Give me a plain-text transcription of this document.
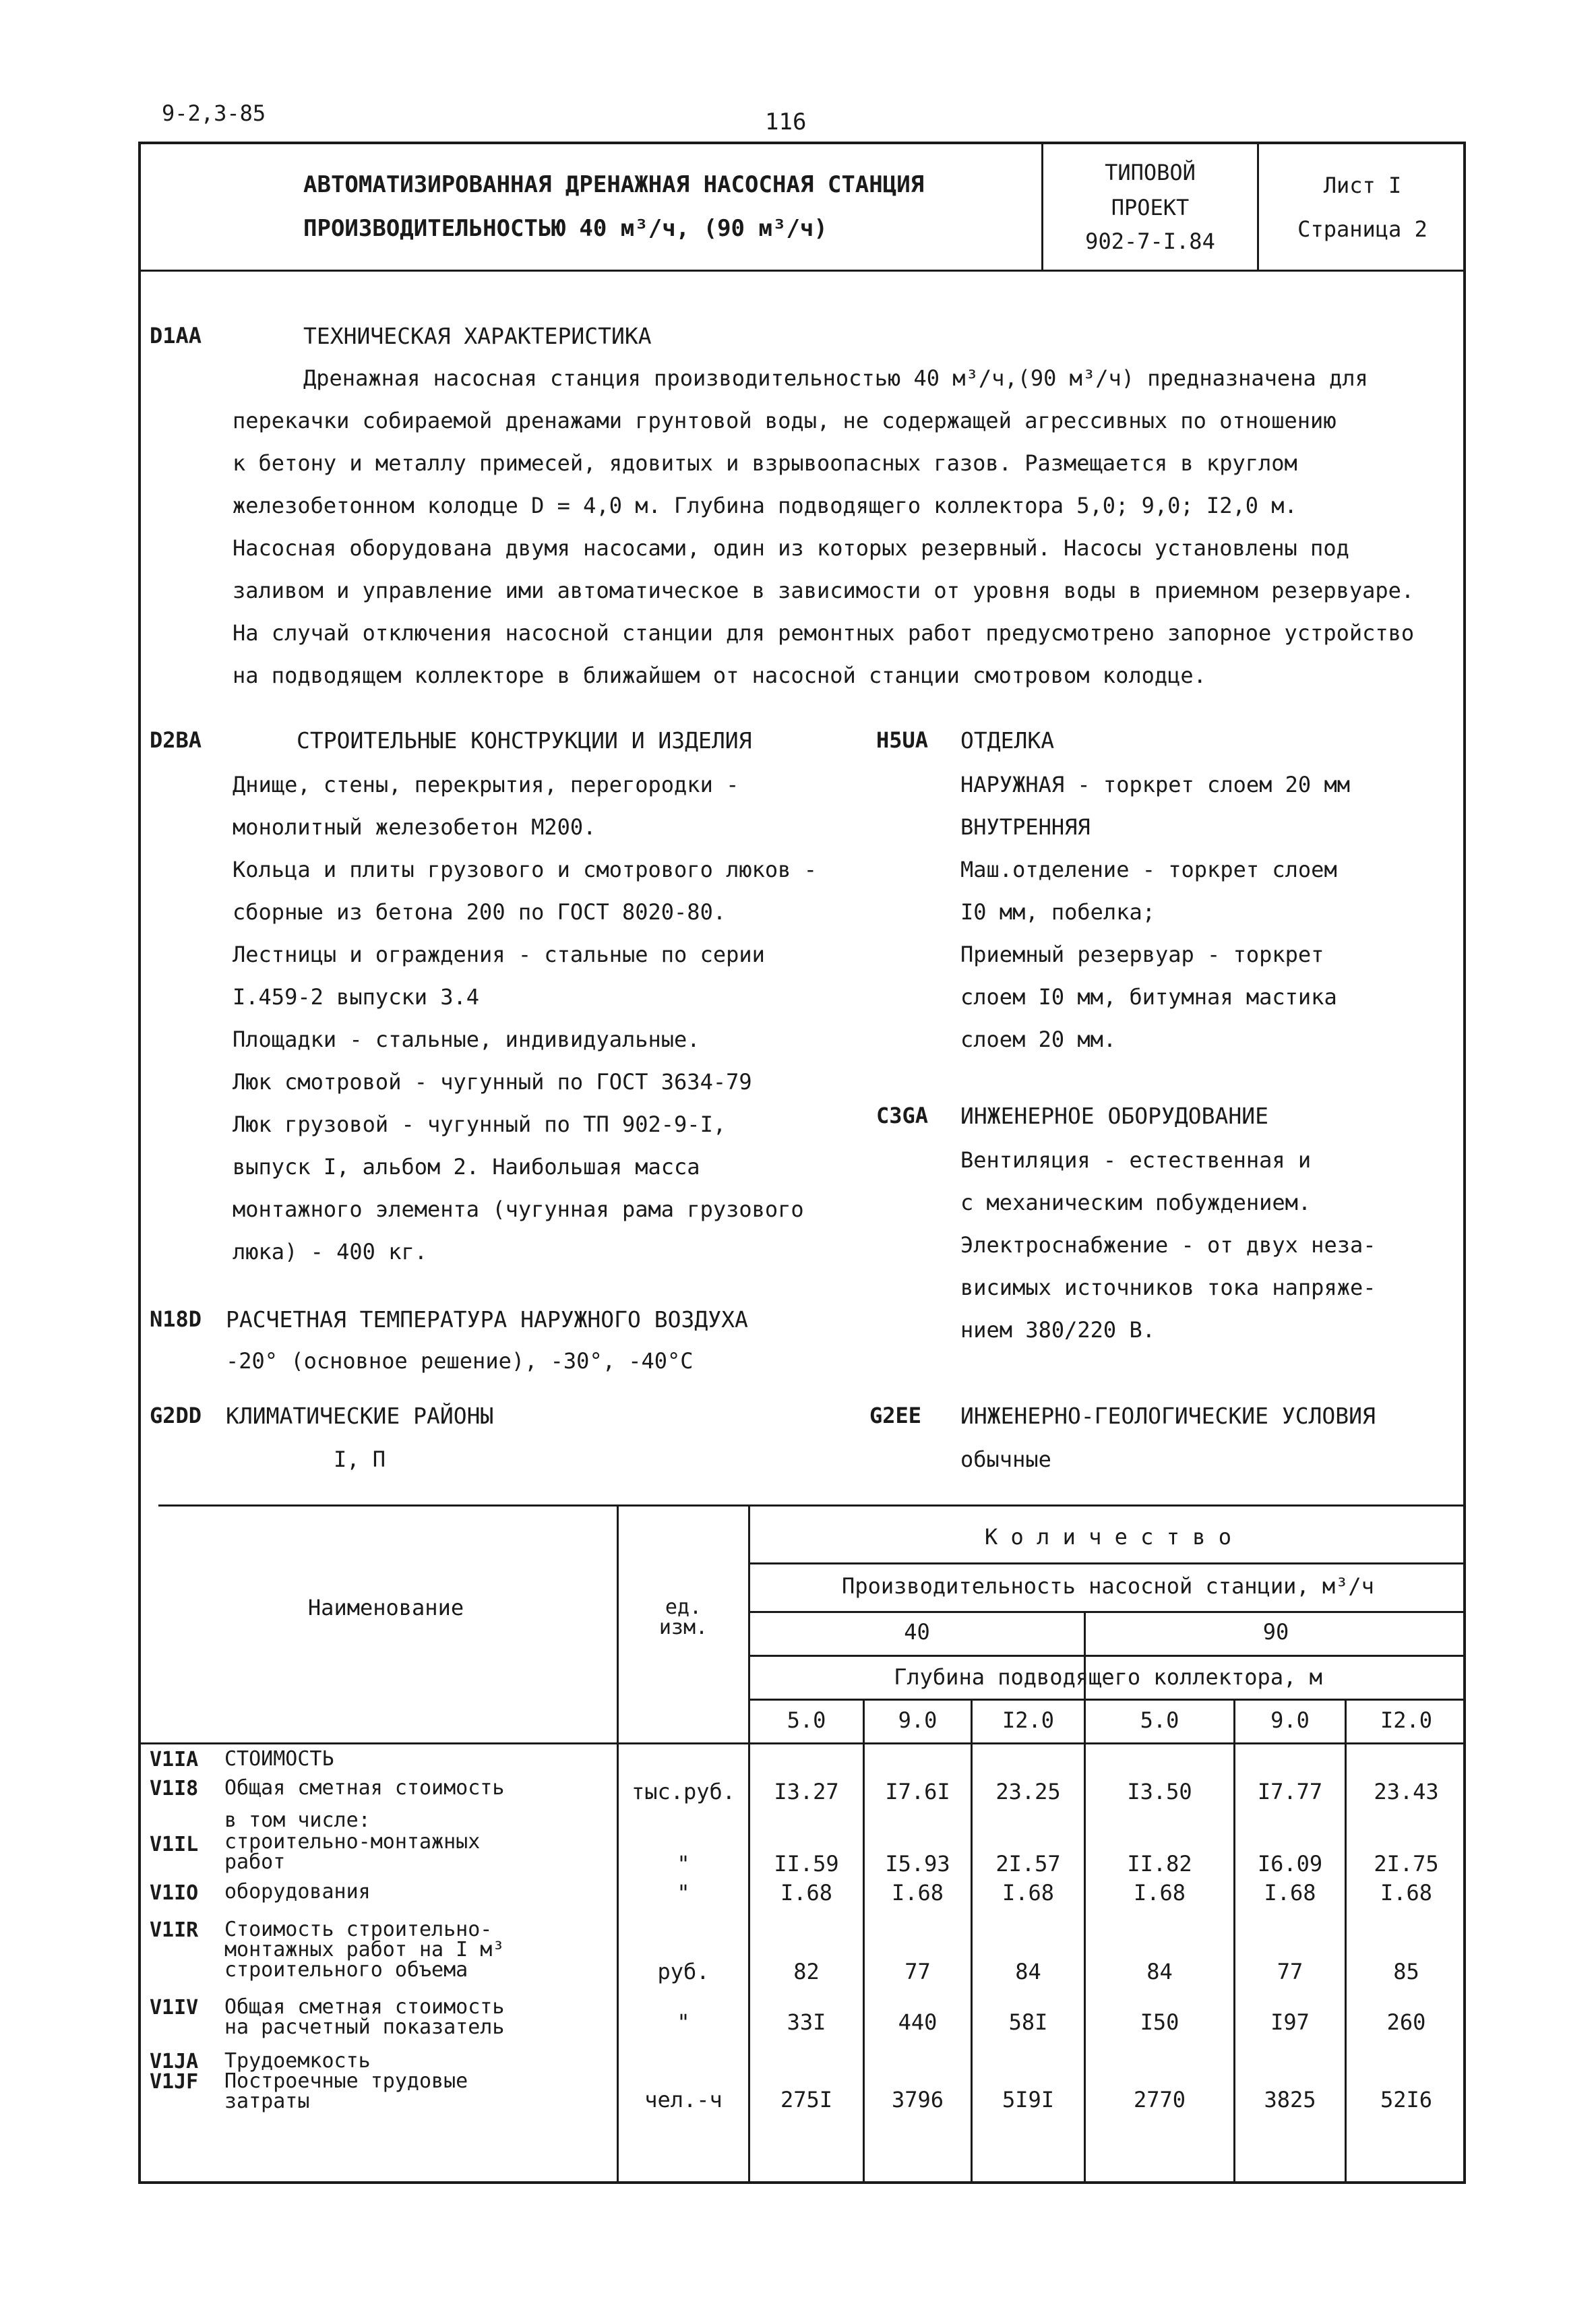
9-2,3-85	116
АВТОМАТИЗИРОВАННАЯ ДРЕНАЖНАЯ НАСОСНАЯ СТАНЦИЯ
ПРОИЗВОДИТЕЛЬНОСТЬЮ 40 м³/ч, (90 м³/ч)
ТИПОВОЙ
ПРОЕКТ
902-7-I.84
Лист I
Страница 2
D1AA	ТЕХНИЧЕСКАЯ ХАРАКТЕРИСТИКА
Дренажная насосная станция производительностью 40 м³/ч,(90 м³/ч) предназначена для
перекачки собираемой дренажами грунтовой воды, не содержащей агрессивных по отношению
к бетону и металлу примесей, ядовитых и взрывоопасных газов. Размещается в круглом
железобетонном колодце D = 4,0 м. Глубина подводящего коллектора 5,0; 9,0; I2,0 м.
Насосная оборудована двумя насосами, один из которых резервный. Насосы установлены под
заливом и управление ими автоматическое в зависимости от уровня воды в приемном резервуаре.
На случай отключения насосной станции для ремонтных работ предусмотрено запорное устройство
на подводящем коллекторе в ближайшем от насосной станции смотровом колодце.
D2BA	СТРОИТЕЛЬНЫЕ КОНСТРУКЦИИ И ИЗДЕЛИЯ
Днище, стены, перекрытия, перегородки -
монолитный железобетон М200.
Кольца и плиты грузового и смотрового люков -
сборные из бетона 200 по ГОСТ 8020-80.
Лестницы и ограждения - стальные по серии
I.459-2 выпуски 3.4
Площадки - стальные, индивидуальные.
Люк смотровой - чугунный по ГОСТ 3634-79
Люк грузовой - чугунный по ТП 902-9-I,
выпуск I, альбом 2. Наибольшая масса
монтажного элемента (чугунная рама грузового
люка) - 400 кг.
H5UA ОТДЕЛКА
НАРУЖНАЯ - торкрет слоем 20 мм
ВНУТРЕННЯЯ
Маш.отделение - торкрет слоем
I0 мм, побелка;
Приемный резервуар - торкрет
слоем I0 мм, битумная мастика
слоем 20 мм.
C3GA ИНЖЕНЕРНОЕ ОБОРУДОВАНИЕ
Вентиляция - естественная и
с механическим побуждением.
Электроснабжение - от двух неза-
висимых источников тока напряже-
нием 380/220 В.
N18D РАСЧЕТНАЯ ТЕМПЕРАТУРА НАРУЖНОГО ВОЗДУХА
-20° (основное решение), -30°, -40°С
G2DD КЛИМАТИЧЕСКИЕ РАЙОНЫ
I, П
G2EE ИНЖЕНЕРНО-ГЕОЛОГИЧЕСКИЕ УСЛОВИЯ
обычные
Наименование	ед.
изм.
К о л и ч е с т в о
Производительность насосной станции, м³/ч
40	90
Глубина подводящего коллектора, м
5.0	9.0	I2.0	5.0	9.0	I2.0
V1IA СТОИМОСТЬ
V1I8 Общая сметная стоимость	тыс.руб.	I3.27	I7.6I	23.25	I3.50	I7.77	23.43
в том числе:
V1IL строительно-монтажных
работ	"	II.59	I5.93	2I.57	II.82	I6.09	2I.75
V1IO оборудования	"	I.68	I.68	I.68	I.68	I.68	I.68
V1IR Стоимость строительно-
монтажных работ на I м³
строительного объема	руб.	82	77	84	84	77	85
V1IV Общая сметная стоимость
на расчетный показатель	"	33I	440	58I	I50	I97	260
V1JA Трудоемкость
V1JF Построечные трудовые
затраты	чел.-ч	275I	3796	5I9I	2770	3825	52I6
